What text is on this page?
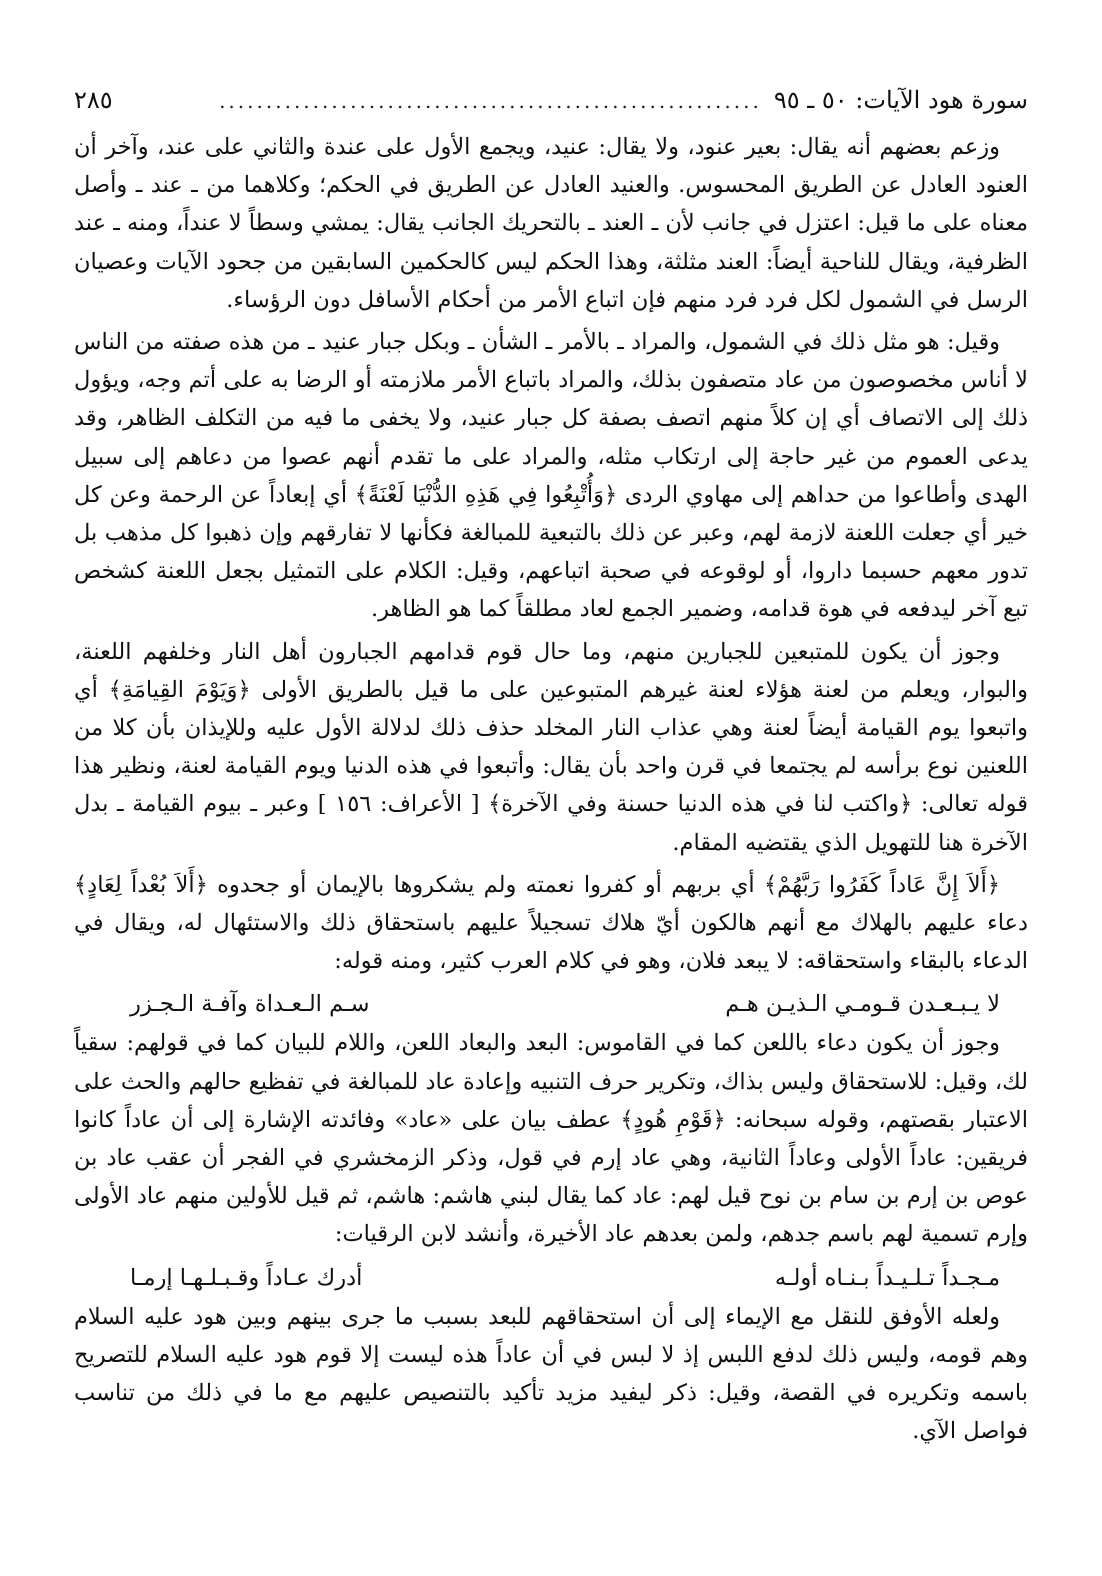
سورة هود الآيات: ٥٠ ـ ٩٥
..........................................................
٢٨٥

وزعم بعضهم أنه يقال: بعير عنود، ولا يقال: عنيد، ويجمع الأول على عندة والثاني على عند، وآخر أن العنود العادل عن الطريق المحسوس. والعنيد العادل عن الطريق في الحكم؛ وكلاهما من ـ عند ـ وأصل معناه على ما قيل: اعتزل في جانب لأن ـ العند ـ بالتحريك الجانب يقال: يمشي وسطاً لا عنداً، ومنه ـ عند الظرفية، ويقال للناحية أيضاً: العند مثلثة، وهذا الحكم ليس كالحكمين السابقين من جحود الآيات وعصيان الرسل في الشمول لكل فرد فرد منهم فإن اتباع الأمر من أحكام الأسافل دون الرؤساء.

وقيل: هو مثل ذلك في الشمول، والمراد ـ بالأمر ـ الشأن ـ وبكل جبار عنيد ـ من هذه صفته من الناس لا أناس مخصوصون من عاد متصفون بذلك، والمراد باتباع الأمر ملازمته أو الرضا به على أتم وجه، ويؤول ذلك إلى الاتصاف أي إن كلاً منهم اتصف بصفة كل جبار عنيد، ولا يخفى ما فيه من التكلف الظاهر، وقد يدعى العموم من غير حاجة إلى ارتكاب مثله، والمراد على ما تقدم أنهم عصوا من دعاهم إلى سبيل الهدى وأطاعوا من حداهم إلى مهاوي الردى ﴿وَأُتْبِعُوا فِي هَذِهِ الدُّنْيَا لَعْنَةً﴾ أي إبعاداً عن الرحمة وعن كل خير أي جعلت اللعنة لازمة لهم، وعبر عن ذلك بالتبعية للمبالغة فكأنها لا تفارقهم وإن ذهبوا كل مذهب بل تدور معهم حسبما داروا، أو لوقوعه في صحبة اتباعهم، وقيل: الكلام على التمثيل بجعل اللعنة كشخص تبع آخر ليدفعه في هوة قدامه، وضمير الجمع لعاد مطلقاً كما هو الظاهر.

وجوز أن يكون للمتبعين للجبارين منهم، وما حال قوم قدامهم الجبارون أهل النار وخلفهم اللعنة، والبوار، ويعلم من لعنة هؤلاء لعنة غيرهم المتبوعين على ما قيل بالطريق الأولى ﴿وَيَوْمَ القِيامَةِ﴾ أي واتبعوا يوم القيامة أيضاً لعنة وهي عذاب النار المخلد حذف ذلك لدلالة الأول عليه وللإيذان بأن كلا من اللعنين نوع برأسه لم يجتمعا في قرن واحد بأن يقال: وأتبعوا في هذه الدنيا ويوم القيامة لعنة، ونظير هذا قوله تعالى: ﴿واكتب لنا في هذه الدنيا حسنة وفي الآخرة﴾ [ الأعراف: ١٥٦ ] وعبر ـ بيوم القيامة ـ بدل الآخرة هنا للتهويل الذي يقتضيه المقام.

﴿أَلاَ إِنَّ عَاداً كَفَرُوا رَبَّهُمْ﴾ أي بربهم أو كفروا نعمته ولم يشكروها بالإيمان أو جحدوه ﴿أَلاَ بُعْداً لِعَادٍ﴾ دعاء عليهم بالهلاك مع أنهم هالكون أيّ هلاك تسجيلاً عليهم باستحقاق ذلك والاستئهال له، ويقال في الدعاء بالبقاء واستحقاقه: لا يبعد فلان، وهو في كلام العرب كثير، ومنه قوله:

لا يـبـعـدن قـومـي الـذيـن هـم
سـم الـعـداة وآفـة الـجـزر

وجوز أن يكون دعاء باللعن كما في القاموس: البعد والبعاد اللعن، واللام للبيان كما في قولهم: سقياً لك، وقيل: للاستحقاق وليس بذاك، وتكرير حرف التنبيه وإعادة عاد للمبالغة في تفظيع حالهم والحث على الاعتبار بقصتهم، وقوله سبحانه: ﴿قَوْمِ هُودٍ﴾ عطف بيان على «عاد» وفائدته الإشارة إلى أن عاداً كانوا فريقين: عاداً الأولى وعاداً الثانية، وهي عاد إرم في قول، وذكر الزمخشري في الفجر أن عقب عاد بن عوص بن إرم بن سام بن نوح قيل لهم: عاد كما يقال لبني هاشم: هاشم، ثم قيل للأولين منهم عاد الأولى وإرم تسمية لهم باسم جدهم، ولمن بعدهم عاد الأخيرة، وأنشد لابن الرقيات:

مـجـداً تـلـيـداً بـنـاه أولـه
أدرك عـاداً وقـبـلـهـا إرمـا

ولعله الأوفق للنقل مع الإيماء إلى أن استحقاقهم للبعد بسبب ما جرى بينهم وبين هود عليه السلام وهم قومه، وليس ذلك لدفع اللبس إذ لا لبس في أن عاداً هذه ليست إلا قوم هود عليه السلام للتصريح باسمه وتكريره في القصة، وقيل: ذكر ليفيد مزيد تأكيد بالتنصيص عليهم مع ما في ذلك من تناسب فواصل الآي.
